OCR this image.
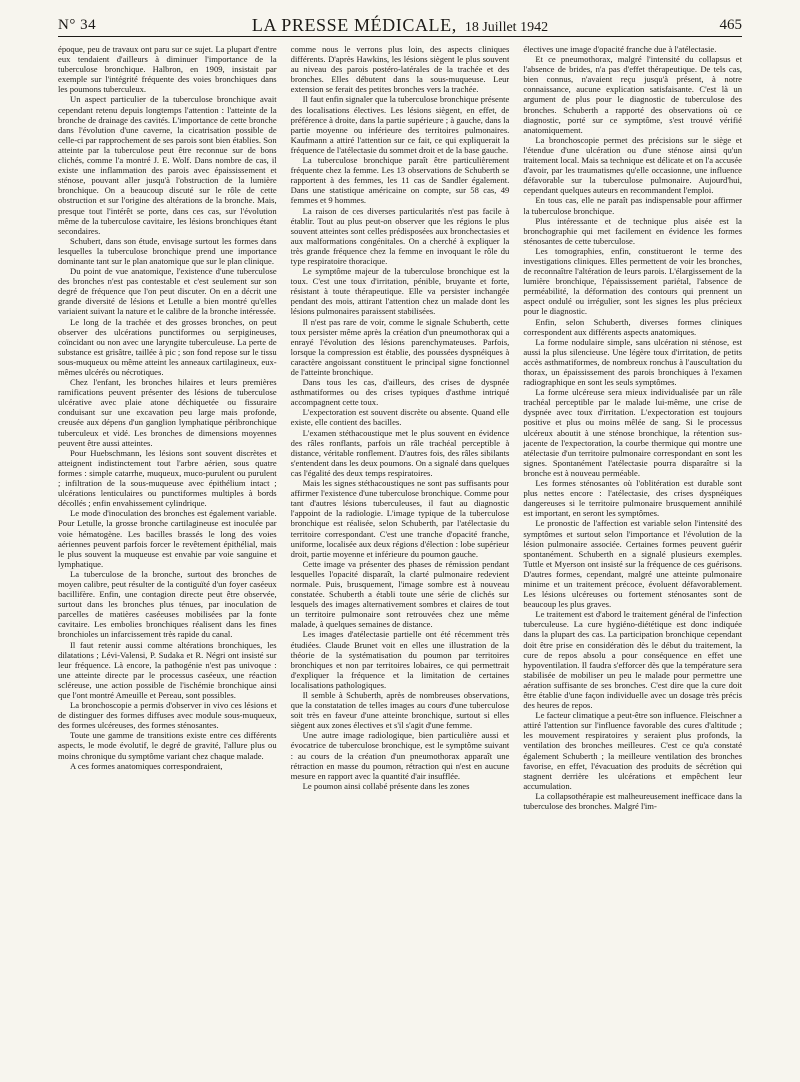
N° 34	LA PRESSE MÉDICALE, 18 Juillet 1942	465

époque, peu de travaux ont paru sur ce sujet. La plupart d'entre eux tendaient d'ailleurs à diminuer l'importance de la tuberculose bronchique. Halbron, en 1909, insistait par exemple sur l'intégrité fréquente des voies bronchiques dans les poumons tuberculeux.

Un aspect particulier de la tuberculose bronchique avait cependant retenu depuis longtemps l'attention : l'atteinte de la bronche de drainage des cavités. L'importance de cette bronche dans l'évolution d'une caverne, la cicatrisation possible de celle-ci par rapprochement de ses parois sont bien établies. Son atteinte par la tuberculose peut être reconnue sur de bons clichés, comme l'a montré J. E. Wolf. Dans nombre de cas, il existe une inflammation des parois avec épaississement et sténose, pouvant aller jusqu'à l'obstruction de la lumière bronchique. On a beaucoup discuté sur le rôle de cette obstruction et sur l'origine des altérations de la bronche. Mais, presque tout l'intérêt se porte, dans ces cas, sur l'évolution même de la tuberculose cavitaire, les lésions bronchiques étant secondaires.

Schubert, dans son étude, envisage surtout les formes dans lesquelles la tuberculose bronchique prend une importance dominante tant sur le plan anatomique que sur le plan clinique.

Du point de vue anatomique, l'existence d'une tuberculose des bronches n'est pas contestable et c'est seulement sur son degré de fréquence que l'on peut discuter. On en a décrit une grande diversité de lésions et Letulle a bien montré qu'elles variaient suivant la nature et le calibre de la bronche intéressée.

Le long de la trachée et des grosses bronches, on peut observer des ulcérations punctiformes ou serpigineuses, coïncidant ou non avec une laryngite tuberculeuse. La perte de substance est grisâtre, taillée à pic ; son fond repose sur le tissu sous-muqueux ou même atteint les anneaux cartilagineux, eux-mêmes ulcérés ou nécrotiques.

Chez l'enfant, les bronches hilaires et leurs premières ramifications peuvent présenter des lésions de tuberculose ulcérative avec plaie atone déchiquetée ou fissuraire conduisant sur une excavation peu large mais profonde, creusée aux dépens d'un ganglion lymphatique péribronchique tuberculeux et vidé. Les bronches de dimensions moyennes peuvent être aussi atteintes.

Pour Huebschmann, les lésions sont souvent discrètes et atteignent indistinctement tout l'arbre aérien, sous quatre formes : simple catarrhe, muqueux, muco-purulent ou purulent ; infiltration de la sous-muqueuse avec épithélium intact ; ulcérations lenticulaires ou punctiformes multiples à bords décollés ; enfin envahissement cylindrique.

Le mode d'inoculation des bronches est également variable. Pour Letulle, la grosse bronche cartilagineuse est inoculée par voie hématogène. Les bacilles brassés le long des voies aériennes peuvent parfois forcer le revêtement épithélial, mais le plus souvent la muqueuse est envahie par voie sanguine et lymphatique.

La tuberculose de la bronche, surtout des bronches de moyen calibre, peut résulter de la contiguïté d'un foyer caséeux bacillifère. Enfin, une contagion directe peut être observée, surtout dans les bronches plus ténues, par inoculation de parcelles de matières caséeuses mobilisées par la fonte cavitaire. Les embolies bronchiques réalisent dans les fines bronchioles un infarcissement très rapide du canal.

Il faut retenir aussi comme altérations bronchiques, les dilatations ; Lévi-Valensi, P. Sudaka et R. Négri ont insisté sur leur fréquence. Là encore, la pathogénie n'est pas univoque : une atteinte directe par le processus caséeux, une réaction scléreuse, une action possible de l'ischémie bronchique ainsi que l'ont montré Ameuille et Pereau, sont possibles.

La bronchoscopie a permis d'observer in vivo ces lésions et de distinguer des formes diffuses avec module sous-muqueux, des formes ulcéreuses, des formes sténosantes.

Toute une gamme de transitions existe entre ces différents aspects, le mode évolutif, le degré de gravité, l'allure plus ou moins chronique du symptôme variant chez chaque malade.

A ces formes anatomiques correspondraient,

comme nous le verrons plus loin, des aspects cliniques différents. D'après Hawkins, les lésions siègent le plus souvent au niveau des parois postéro-latérales de la trachée et des bronches. Elles débutent dans la sous-muqueuse. Leur extension se ferait des petites bronches vers la trachée.

Il faut enfin signaler que la tuberculose bronchique présente des localisations électives. Les lésions siègent, en effet, de préférence à droite, dans la partie supérieure ; à gauche, dans la partie moyenne ou inférieure des territoires pulmonaires. Kaufmann a attiré l'attention sur ce fait, ce qui expliquerait la fréquence de l'atélectasie du sommet droit et de la base gauche.

La tuberculose bronchique paraît être particulièrement fréquente chez la femme. Les 13 observations de Schuberth se rapportent à des femmes, les 11 cas de Sandler également. Dans une statistique américaine on compte, sur 58 cas, 49 femmes et 9 hommes.

La raison de ces diverses particularités n'est pas facile à établir. Tout au plus peut-on observer que les régions le plus souvent atteintes sont celles prédisposées aux bronchectasies et aux malformations congénitales. On a cherché à expliquer la très grande fréquence chez la femme en invoquant le rôle du type respiratoire thoracique.

Le symptôme majeur de la tuberculose bronchique est la toux. C'est une toux d'irritation, pénible, bruyante et forte, résistant à toute thérapeutique. Elle va persister inchangée pendant des mois, attirant l'attention chez un malade dont les lésions pulmonaires paraissent stabilisées.

Il n'est pas rare de voir, comme le signale Schuberth, cette toux persister même après la création d'un pneumothorax qui a enrayé l'évolution des lésions parenchymateuses. Parfois, lorsque la compression est établie, des poussées dyspnéiques à caractère angoissant constituent le principal signe fonctionnel de l'atteinte bronchique.

Dans tous les cas, d'ailleurs, des crises de dyspnée asthmatiformes ou des crises typiques d'asthme intriqué accompagnent cette toux.

L'expectoration est souvent discrète ou absente. Quand elle existe, elle contient des bacilles.

L'examen stéthacoustique met le plus souvent en évidence des râles ronflants, parfois un râle trachéal perceptible à distance, véritable ronflement. D'autres fois, des râles sibilants s'entendent dans les deux poumons. On a signalé dans quelques cas l'égalité des deux temps respiratoires.

Mais les signes stéthacoustiques ne sont pas suffisants pour affirmer l'existence d'une tuberculose bronchique. Comme pour tant d'autres lésions tuberculeuses, il faut au diagnostic l'appoint de la radiologie. L'image typique de la tuberculose bronchique est réalisée, selon Schuberth, par l'atélectasie du territoire correspondant. C'est une tranche d'opacité franche, uniforme, localisée aux deux régions d'élection : lobe supérieur droit, partie moyenne et inférieure du poumon gauche.

Cette image va présenter des phases de rémission pendant lesquelles l'opacité disparaît, la clarté pulmonaire redevient normale. Puis, brusquement, l'image sombre est à nouveau constatée. Schuberth a établi toute une série de clichés sur lesquels des images alternativement sombres et claires de tout un territoire pulmonaire sont retrouvées chez une même malade, à quelques semaines de distance.

Les images d'atélectasie partielle ont été récemment très étudiées. Claude Brunet voit en elles une illustration de la théorie de la systématisation du poumon par territoires bronchiques et non par territoires lobaires, ce qui permettrait d'expliquer la fréquence et la limitation de certaines localisations pathologiques.

Il semble à Schuberth, après de nombreuses observations, que la constatation de telles images au cours d'une tuberculose soit très en faveur d'une atteinte bronchique, surtout si elles siègent aux zones électives et s'il s'agit d'une femme.

Une autre image radiologique, bien particulière aussi et évocatrice de tuberculose bronchique, est le symptôme suivant : au cours de la création d'un pneumothorax apparaît une rétraction en masse du poumon, rétraction qui n'est en aucune mesure en rapport avec la quantité d'air insufflée.

Le poumon ainsi collabé présente dans les zones

électives une image d'opacité franche due à l'atélectasie.

Et ce pneumothorax, malgré l'intensité du collapsus et l'absence de brides, n'a pas d'effet thérapeutique. De tels cas, bien connus, n'avaient reçu jusqu'à présent, à notre connaissance, aucune explication satisfaisante. C'est là un argument de plus pour le diagnostic de tuberculose des bronches. Schuberth a rapporté des observations où ce diagnostic, porté sur ce symptôme, s'est trouvé vérifié anatomiquement.

La bronchoscopie permet des précisions sur le siège et l'étendue d'une ulcération ou d'une sténose ainsi qu'un traitement local. Mais sa technique est délicate et on l'a accusée d'avoir, par les traumatismes qu'elle occasionne, une influence défavorable sur la tuberculose pulmonaire. Aujourd'hui, cependant quelques auteurs en recommandent l'emploi.

En tous cas, elle ne paraît pas indispensable pour affirmer la tuberculose bronchique.

Plus intéressante et de technique plus aisée est la bronchographie qui met facilement en évidence les formes sténosantes de cette tuberculose.

Les tomographies, enfin, constitueront le terme des investigations cliniques. Elles permettent de voir les bronches, de reconnaître l'altération de leurs parois. L'élargissement de la lumière bronchique, l'épaississement pariétal, l'absence de perméabilité, la déformation des contours qui prennent un aspect ondulé ou irrégulier, sont les signes les plus précieux pour le diagnostic.

Enfin, selon Schuberth, diverses formes cliniques correspondent aux différents aspects anatomiques.

La forme nodulaire simple, sans ulcération ni sténose, est aussi la plus silencieuse. Une légère toux d'irritation, de petits accès asthmatiformes, de nombreux ronchus à l'auscultation du thorax, un épaississement des parois bronchiques à l'examen radiographique en sont les seuls symptômes.

La forme ulcéreuse sera mieux individualisée par un râle trachéal perceptible par le malade lui-même, une crise de dyspnée avec toux d'irritation. L'expectoration est toujours positive et plus ou moins mêlée de sang. Si le processus ulcéreux aboutit à une sténose bronchique, la rétention sus-jacente de l'expectoration, la courbe thermique qui montre une atélectasie d'un territoire pulmonaire correspondant en sont les signes. Spontanément l'atélectasie pourra disparaître si la bronche est à nouveau perméable.

Les formes sténosantes où l'oblitération est durable sont plus nettes encore : l'atélectasie, des crises dyspnéiques dangereuses si le territoire pulmonaire brusquement annihilé est important, en seront les symptômes.

Le pronostic de l'affection est variable selon l'intensité des symptômes et surtout selon l'importance et l'évolution de la lésion pulmonaire associée. Certaines formes peuvent guérir spontanément. Schuberth en a signalé plusieurs exemples. Tuttle et Myerson ont insisté sur la fréquence de ces guérisons. D'autres formes, cependant, malgré une atteinte pulmonaire minime et un traitement précoce, évoluent défavorablement. Les lésions ulcéreuses ou fortement sténosantes sont de beaucoup les plus graves.

Le traitement est d'abord le traitement général de l'infection tuberculeuse. La cure hygiéno-diététique est donc indiquée dans la plupart des cas. La participation bronchique cependant doit être prise en considération dès le début du traitement, la cure de repos absolu a pour conséquence en effet une hypoventilation. Il faudra s'efforcer dès que la température sera stabilisée de mobiliser un peu le malade pour permettre une aération suffisante de ses bronches. C'est dire que la cure doit être établie d'une façon individuelle avec un dosage très précis des heures de repos.

Le facteur climatique a peut-être son influence. Fleischner a attiré l'attention sur l'influence favorable des cures d'altitude ; les mouvement respiratoires y seraient plus profonds, la ventilation des bronches meilleures. C'est ce qu'a constaté également Schuberth ; la meilleure ventilation des bronches favorise, en effet, l'évacuation des produits de sécrétion qui stagnent derrière les ulcérations et empêchent leur accumulation.

La collapsothérapie est malheureusement inefficace dans la tuberculose des bronches. Malgré l'im-
